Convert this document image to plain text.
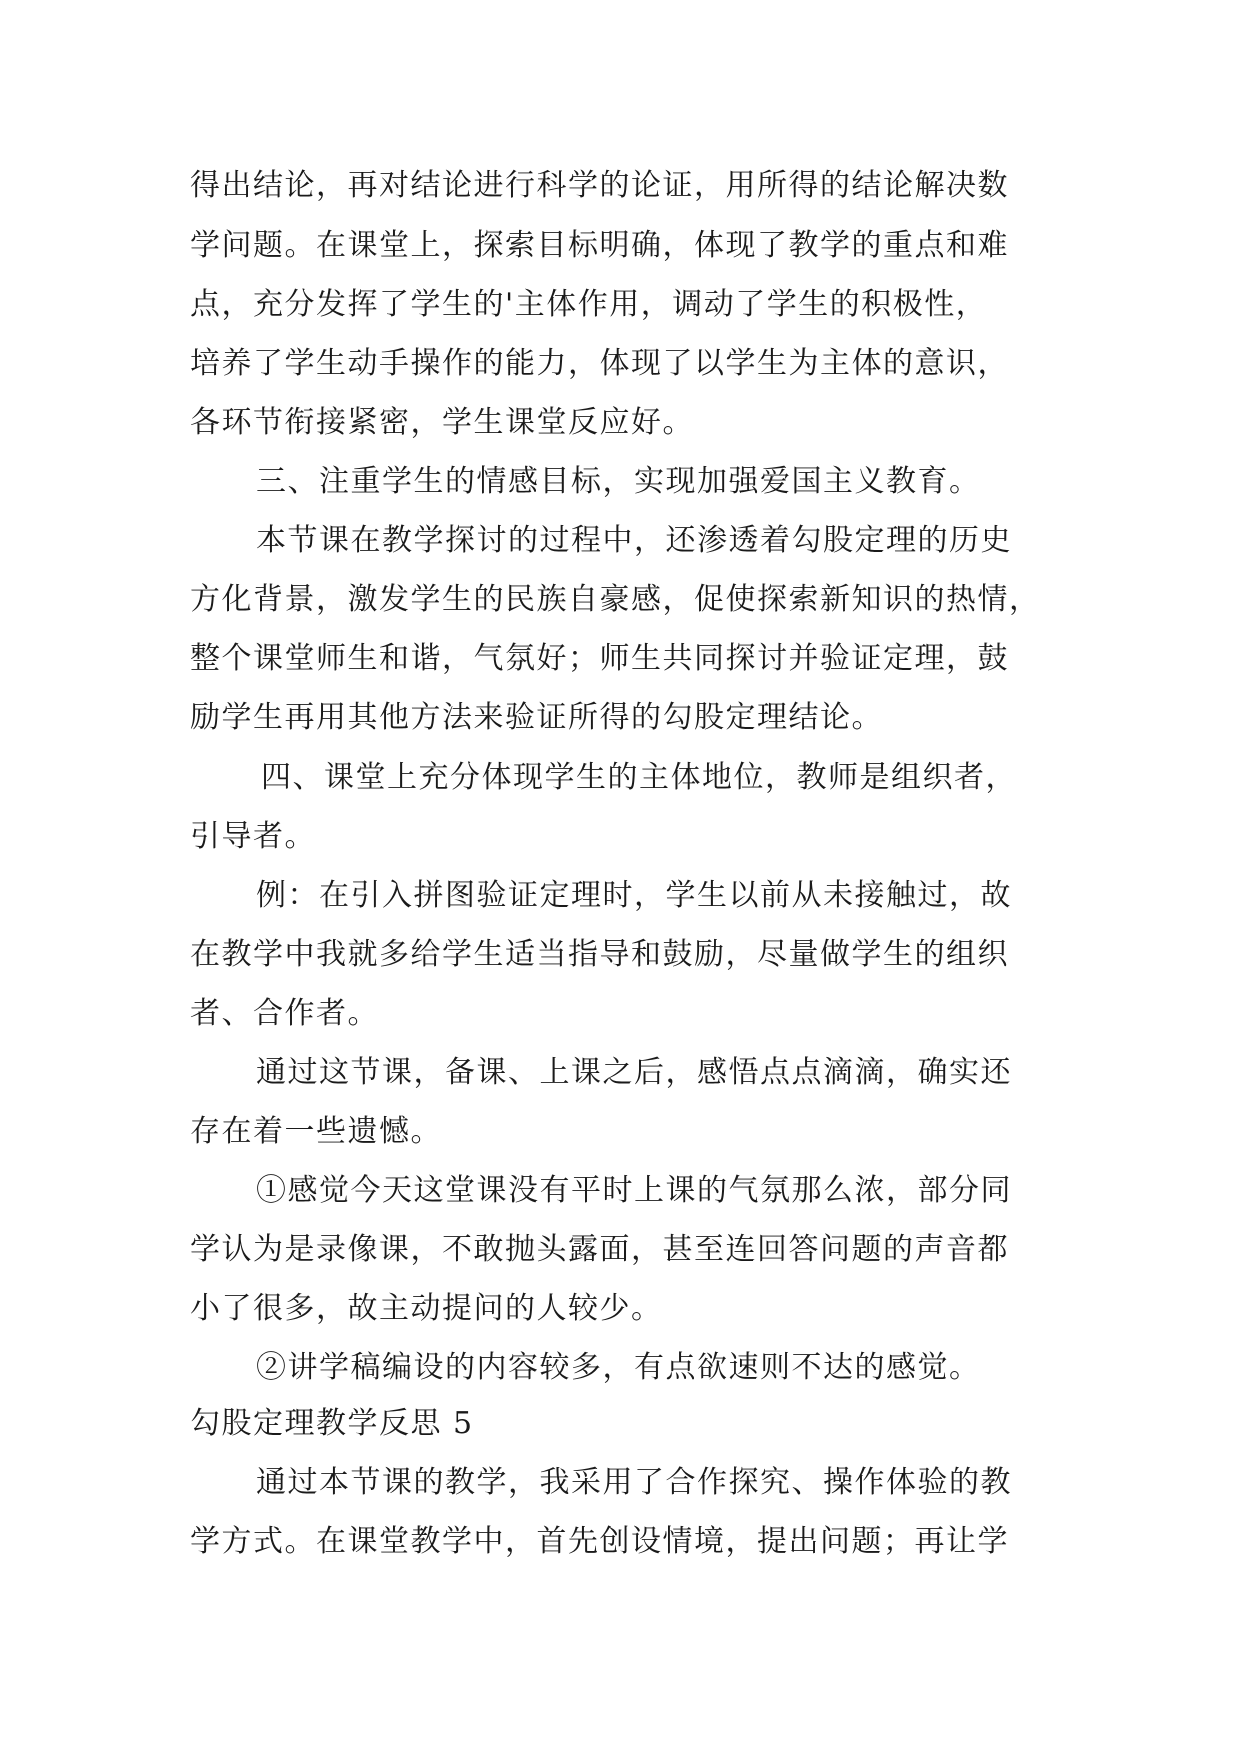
得出结论，再对结论进行科学的论证，用所得的结论解决数
学问题。在课堂上，探索目标明确，体现了教学的重点和难
点，充分发挥了学生的'主体作用，调动了学生的积极性，
培养了学生动手操作的能力，体现了以学生为主体的意识，
各环节衔接紧密，学生课堂反应好。
三、注重学生的情感目标，实现加强爱国主义教育。
本节课在教学探讨的过程中，还渗透着勾股定理的历史
方化背景，激发学生的民族自豪感，促使探索新知识的热情，
整个课堂师生和谐，气氛好；师生共同探讨并验证定理，鼓
励学生再用其他方法来验证所得的勾股定理结论。
四、课堂上充分体现学生的主体地位，教师是组织者，
引导者。
例：在引入拼图验证定理时，学生以前从未接触过，故
在教学中我就多给学生适当指导和鼓励，尽量做学生的组织
者、合作者。
通过这节课，备课、上课之后，感悟点点滴滴，确实还
存在着一些遗憾。
①感觉今天这堂课没有平时上课的气氛那么浓，部分同
学认为是录像课，不敢抛头露面，甚至连回答问题的声音都
小了很多，故主动提问的人较少。
②讲学稿编设的内容较多，有点欲速则不达的感觉。
勾股定理教学反思 5
通过本节课的教学，我采用了合作探究、操作体验的教
学方式。在课堂教学中，首先创设情境，提出问题；再让学
